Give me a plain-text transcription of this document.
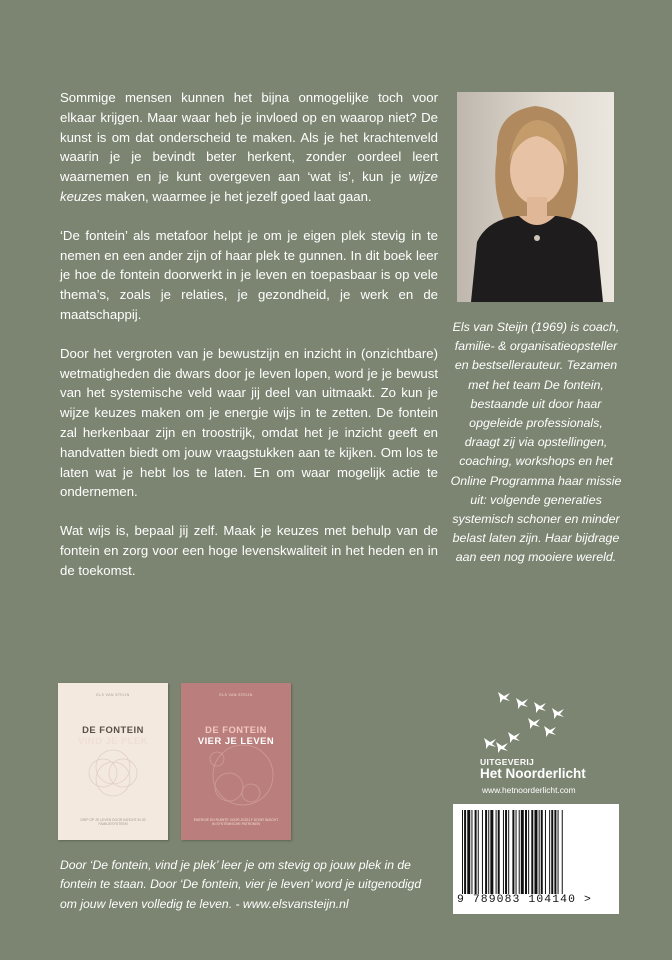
Sommige mensen kunnen het bijna onmogelijke toch voor elkaar krijgen. Maar waar heb je invloed op en waarop niet? De kunst is om dat onderscheid te maken. Als je het krachtenveld waarin je je bevindt beter herkent, zonder oordeel leert waarnemen en je kunt overgeven aan ‘wat is’, kun je wijze keuzes maken, waarmee je het jezelf goed laat gaan.

‘De fontein’ als metafoor helpt je om je eigen plek stevig in te nemen en een ander zijn of haar plek te gunnen. In dit boek leer je hoe de fontein doorwerkt in je leven en toepasbaar is op vele thema’s, zoals je relaties, je gezondheid, je werk en de maatschappij.

Door het vergroten van je bewustzijn en inzicht in (onzichtbare) wetmatigheden die dwars door je leven lopen, word je je bewust van het systemische veld waar jij deel van uitmaakt. Zo kun je wijze keuzes maken om je energie wijs in te zetten. De fontein zal herkenbaar zijn en troostrijk, omdat het je inzicht geeft en handvatten biedt om jouw vraagstukken aan te kijken. Om los te laten wat je hebt los te laten. En om waar mogelijk actie te ondernemen.

Wat wijs is, bepaal jij zelf. Maak je keuzes met behulp van de fontein en zorg voor een hoge levenskwaliteit in het heden en in de toekomst.

Els van Steijn (1969) is coach, familie- & organisatieopsteller en bestsellerauteur. Tezamen met het team De fontein, bestaande uit door haar opgeleide professionals, draagt zij via opstellingen, coaching, workshops en het Online Programma haar missie uit: volgende generaties systemisch schoner en minder belast laten zijn. Haar bijdrage aan een nog mooiere wereld.
ELS VAN STEIJN
DE FONTEIN
VIND JE PLEK
GRIP OP JE LEVEN DOOR INZICHT IN JE FAMILIESYSTEEM
ELS VAN STEIJN
DE FONTEIN
VIER JE LEVEN
ENERGIE EN RUIMTE VOOR JEZELF DOOR INZICHT IN SYSTEMISCHE PATRONEN
UITGEVERIJ
Het Noorderlicht
www.hetnoorderlicht.com
9 789083 104140 >
Door ‘De fontein, vind je plek’ leer je om stevig op jouw plek in de fontein te staan. Door ‘De fontein, vier je leven’ word je uitgenodigd om jouw leven volledig te leven. - www.elsvansteijn.nl
